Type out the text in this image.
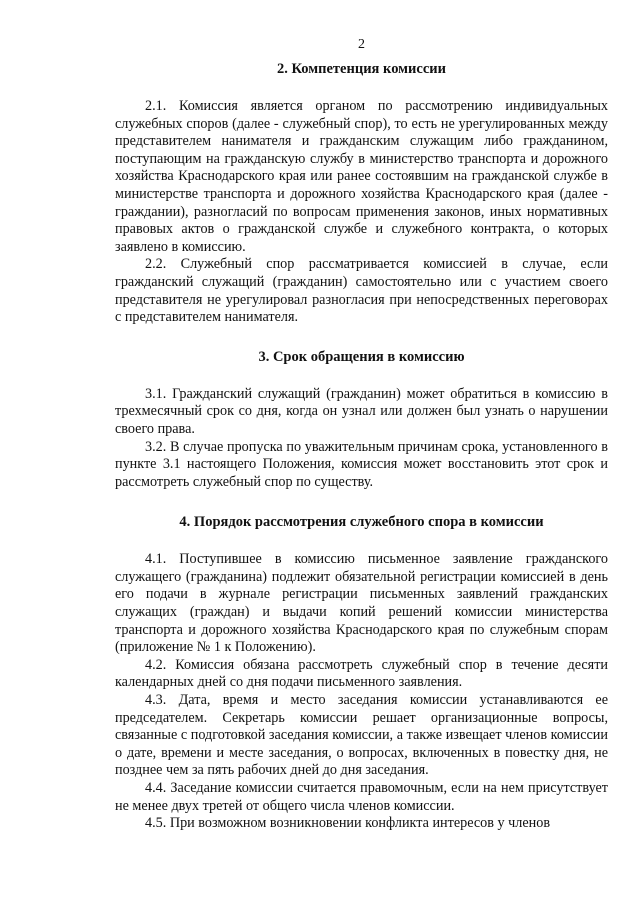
2
2. Компетенция комиссии

2.1. Комиссия является органом по рассмотрению индивидуальных служебных споров (далее - служебный спор), то есть не урегулированных между представителем нанимателя и гражданским служащим либо гражданином, поступающим на гражданскую службу в министерство транспорта и дорожного хозяйства Краснодарского края или ранее состоявшим на гражданской службе в министерстве транспорта и дорожного хозяйства Краснодарского края (далее - граждании), разногласий по вопросам применения законов, иных нормативных правовых актов о гражданской службе и служебного контракта, о которых заявлено в комиссию.

2.2. Служебный спор рассматривается комиссией в случае, если гражданский служащий (гражданин) самостоятельно или с участием своего представителя не урегулировал разногласия при непосредственных переговорах с представителем нанимателя.

3. Срок обращения в комиссию

3.1. Гражданский служащий (гражданин) может обратиться в комиссию в трехмесячный срок со дня, когда он узнал или должен был узнать о нарушении своего права.

3.2. В случае пропуска по уважительным причинам срока, установленного в пункте 3.1 настоящего Положения, комиссия может восстановить этот срок и рассмотреть служебный спор по существу.

4. Порядок рассмотрения служебного спора в комиссии

4.1. Поступившее в комиссию письменное заявление гражданского служащего (гражданина) подлежит обязательной регистрации комиссией в день его подачи в журнале регистрации письменных заявлений гражданских служащих (граждан) и выдачи копий решений комиссии министерства транспорта и дорожного хозяйства Краснодарского края по служебным спорам (приложение № 1 к Положению).

4.2. Комиссия обязана рассмотреть служебный спор в течение десяти календарных дней со дня подачи письменного заявления.

4.3. Дата, время и место заседания комиссии устанавливаются ее председателем. Секретарь комиссии решает организационные вопросы, связанные с подготовкой заседания комиссии, а также извещает членов комиссии о дате, времени и месте заседания, о вопросах, включенных в повестку дня, не позднее чем за пять рабочих дней до дня заседания.

4.4. Заседание комиссии считается правомочным, если на нем присутствует не менее двух третей от общего числа членов комиссии.

4.5. При возможном возникновении конфликта интересов у членов
